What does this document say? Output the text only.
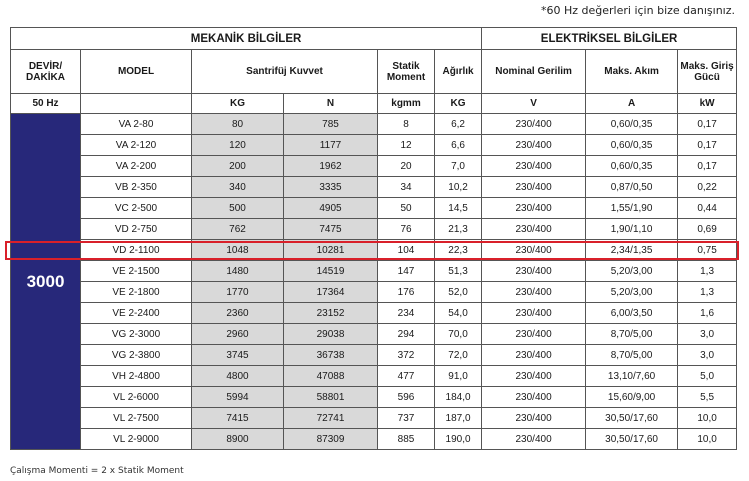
*60 Hz değerleri için bize danışınız.
MEKANİK BİLGİLER						ELEKTRİKSEL BİLGİLER		
DEVİR/ DAKİKA	MODEL	Santrifüj Kuvvet		Statik Moment	Ağırlık	Nominal Gerilim	Maks. Akım	Maks. Giriş Gücü
50 Hz		KG	N	kgmm	KG	V	A	kW
3000	VA 2-80	80	785	8	6,2	230/400	0,60/0,35	0,17
	VA 2-120	120	1177	12	6,6	230/400	0,60/0,35	0,17
	VA 2-200	200	1962	20	7,0	230/400	0,60/0,35	0,17
	VB 2-350	340	3335	34	10,2	230/400	0,87/0,50	0,22
	VC 2-500	500	4905	50	14,5	230/400	1,55/1,90	0,44
	VD 2-750	762	7475	76	21,3	230/400	1,90/1,10	0,69
	VD 2-1100	1048	10281	104	22,3	230/400	2,34/1,35	0,75
	VE 2-1500	1480	14519	147	51,3	230/400	5,20/3,00	1,3
	VE 2-1800	1770	17364	176	52,0	230/400	5,20/3,00	1,3
	VE 2-2400	2360	23152	234	54,0	230/400	6,00/3,50	1,6
	VG 2-3000	2960	29038	294	70,0	230/400	8,70/5,00	3,0
	VG 2-3800	3745	36738	372	72,0	230/400	8,70/5,00	3,0
	VH 2-4800	4800	47088	477	91,0	230/400	13,10/7,60	5,0
	VL 2-6000	5994	58801	596	184,0	230/400	15,60/9,00	5,5
	VL 2-7500	7415	72741	737	187,0	230/400	30,50/17,60	10,0
	VL 2-9000	8900	87309	885	190,0	230/400	30,50/17,60	10,0
Çalışma Momenti = 2 x Statik Moment
